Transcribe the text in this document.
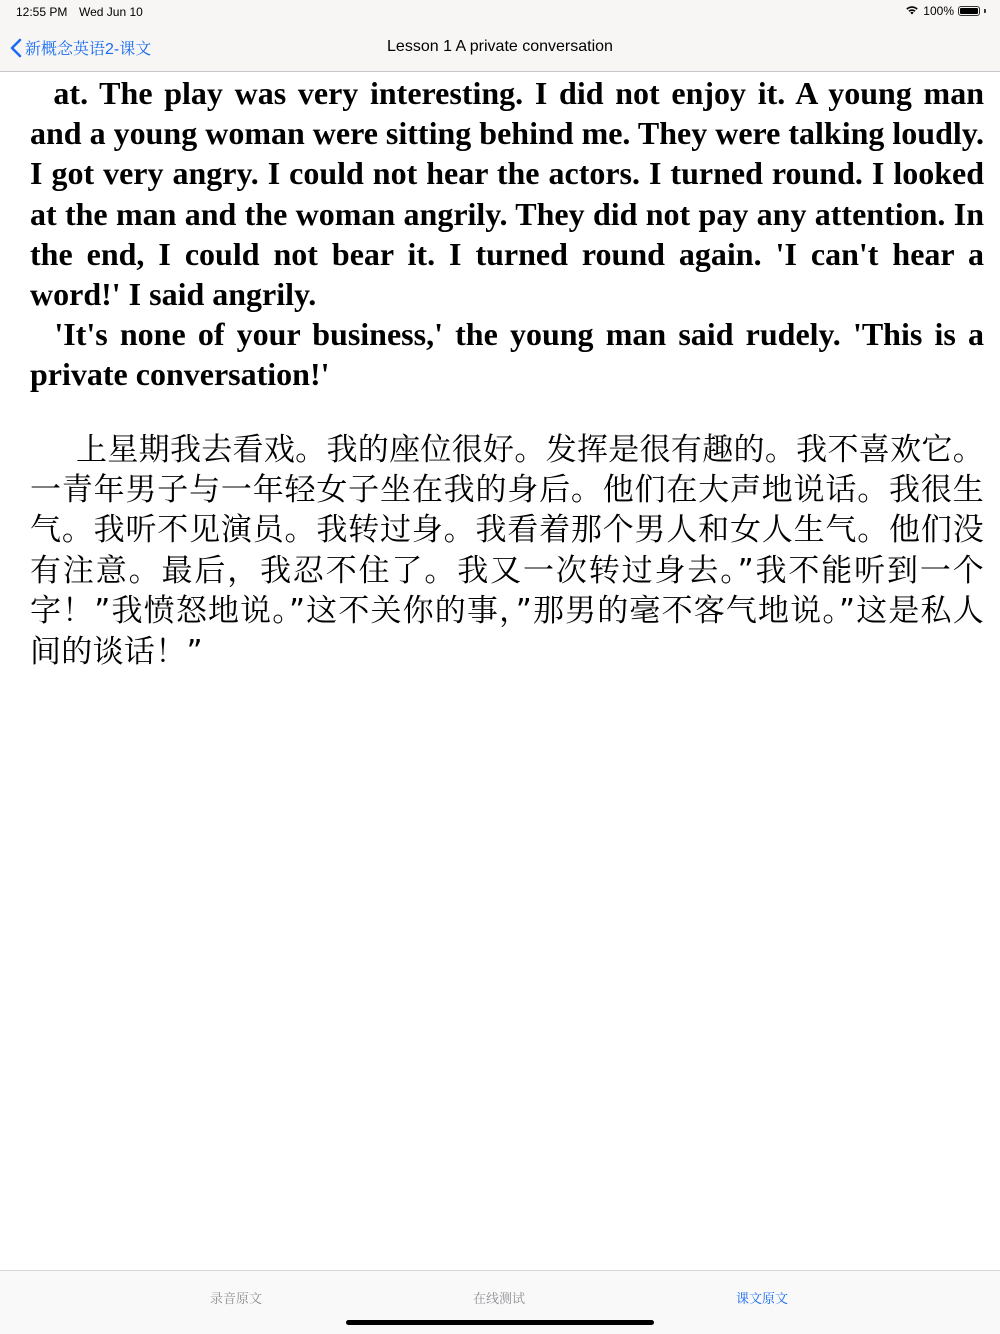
12:55 PM Wed Jun 10	100%
新概念英语2-课文	Lesson 1 A private conversation

at. The play was very interesting. I did not enjoy it. A young man and a young woman were sitting behind me. They were talking loudly. I got very angry. I could not hear the actors. I turned round. I looked at the man and the woman angrily. They did not pay any attention. In the end, I could not bear it. I turned round again. 'I can't hear a word!' I said angrily.

'It's none of your business,' the young man said rudely. 'This is a private conversation!'

上星期我去看戏。我的座位很好。发挥是很有趣的。我不喜欢它。一青年男子与一年轻女子坐在我的身后。他们在大声地说话。我很生气。我听不见演员。我转过身。我看着那个男人和女人生气。他们没有注意。最后，我忍不住了。我又一次转过身去。”我不能听到一个字！”我愤怒地说。”这不关你的事，”那男的毫不客气地说。”这是私人间的谈话！”

录音原文	在线测试	课文原文
